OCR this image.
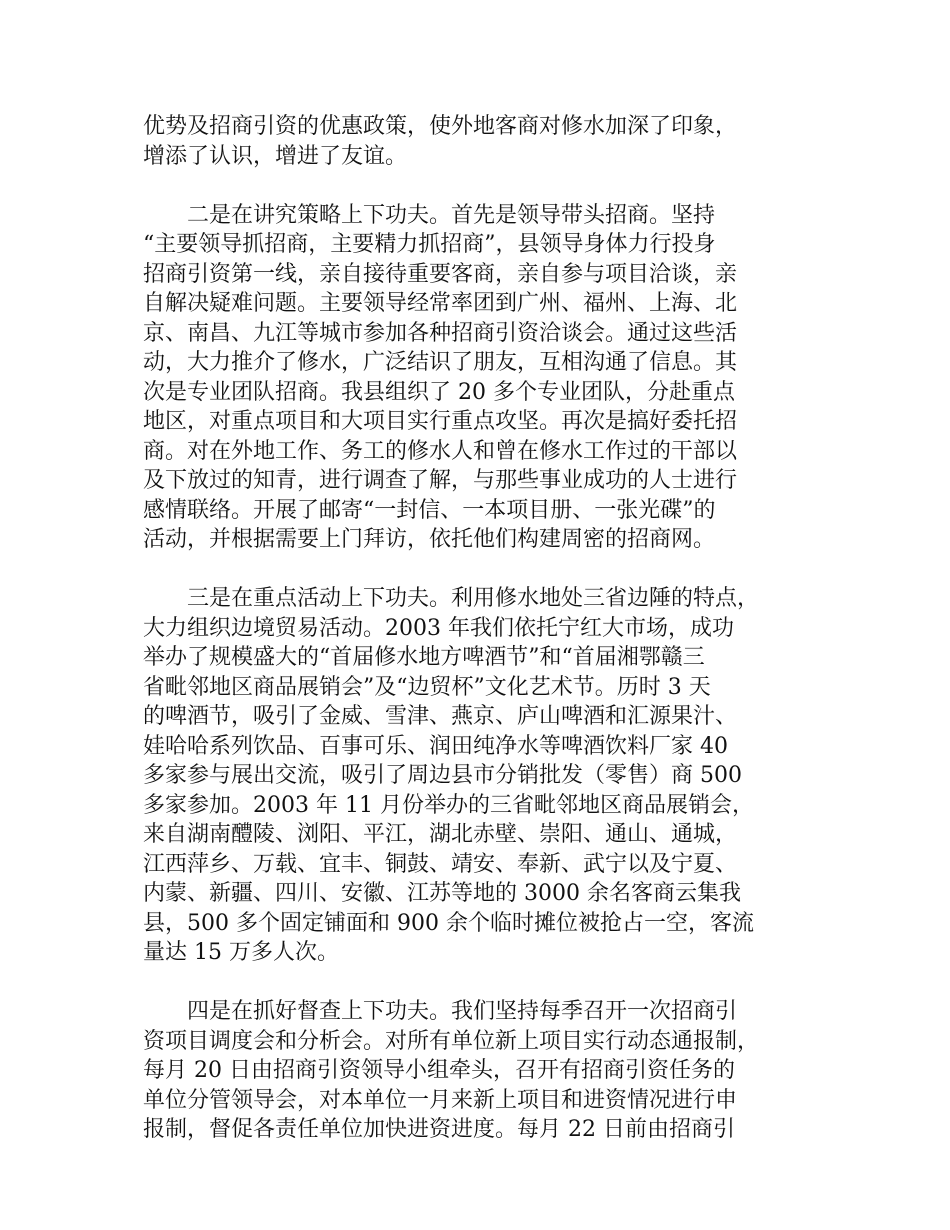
优势及招商引资的优惠政策，使外地客商对修水加深了印象，
增添了认识，增进了友谊。

　　二是在讲究策略上下功夫。首先是领导带头招商。坚持
“主要领导抓招商，主要精力抓招商”，县领导身体力行投身
招商引资第一线，亲自接待重要客商，亲自参与项目洽谈，亲
自解决疑难问题。主要领导经常率团到广州、福州、上海、北
京、南昌、九江等城市参加各种招商引资洽谈会。通过这些活
动，大力推介了修水，广泛结识了朋友，互相沟通了信息。其
次是专业团队招商。我县组织了 20 多个专业团队，分赴重点
地区，对重点项目和大项目实行重点攻坚。再次是搞好委托招
商。对在外地工作、务工的修水人和曾在修水工作过的干部以
及下放过的知青，进行调查了解，与那些事业成功的人士进行
感情联络。开展了邮寄“一封信、一本项目册、一张光碟”的
活动，并根据需要上门拜访，依托他们构建周密的招商网。

　　三是在重点活动上下功夫。利用修水地处三省边陲的特点，
大力组织边境贸易活动。2003 年我们依托宁红大市场，成功
举办了规模盛大的“首届修水地方啤酒节”和“首届湘鄂赣三
省毗邻地区商品展销会”及“边贸杯”文化艺术节。历时 3 天
的啤酒节，吸引了金威、雪津、燕京、庐山啤酒和汇源果汁、
娃哈哈系列饮品、百事可乐、润田纯净水等啤酒饮料厂家 40
多家参与展出交流，吸引了周边县市分销批发（零售）商 500
多家参加。2003 年 11 月份举办的三省毗邻地区商品展销会，
来自湖南醴陵、浏阳、平江，湖北赤壁、崇阳、通山、通城，
江西萍乡、万载、宜丰、铜鼓、靖安、奉新、武宁以及宁夏、
内蒙、新疆、四川、安徽、江苏等地的 3000 余名客商云集我
县，500 多个固定铺面和 900 余个临时摊位被抢占一空，客流
量达 15 万多人次。

　　四是在抓好督查上下功夫。我们坚持每季召开一次招商引
资项目调度会和分析会。对所有单位新上项目实行动态通报制，
每月 20 日由招商引资领导小组牵头，召开有招商引资任务的
单位分管领导会，对本单位一月来新上项目和进资情况进行申
报制，督促各责任单位加快进资进度。每月 22 日前由招商引
